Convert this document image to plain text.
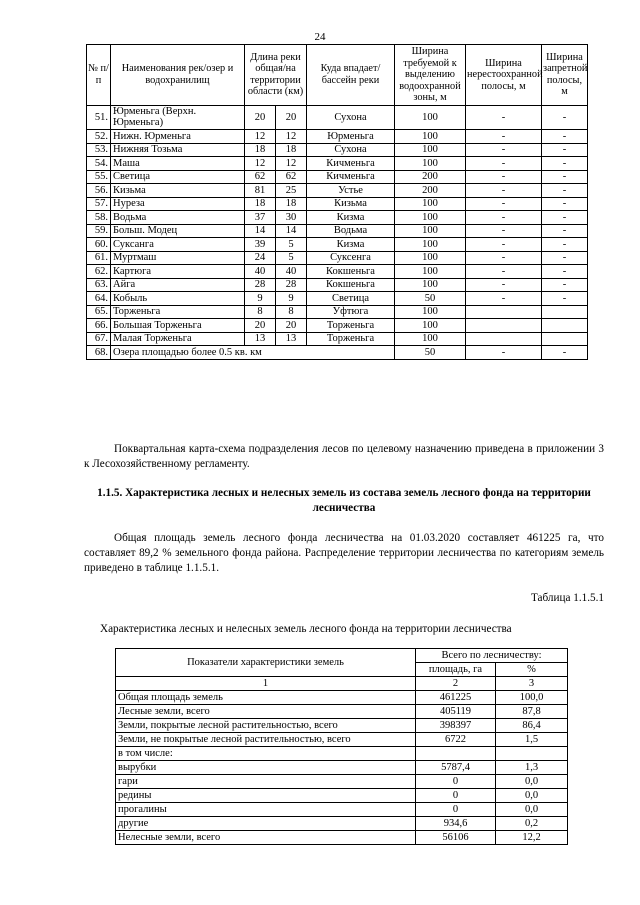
24
№ п/п	Наименования рек/озер и водохранилищ	Длина реки общая/на территории области (км)		Куда впадает/бассейн реки	Ширина требуемой к выделению водоохранной зоны, м	Ширина нерестоохранной полосы, м	Ширина запретной полосы, м
51.	Юрменьга (Верхн. Юрменьга)	20	20	Сухона	100	-	-
52.	Нижн. Юрменьга	12	12	Юрменьга	100	-	-
53.	Нижняя Тозьма	18	18	Сухона	100	-	-
54.	Маша	12	12	Кичменьга	100	-	-
55.	Светица	62	62	Кичменьга	200	-	-
56.	Кизьма	81	25	Устье	200	-	-
57.	Нуреза	18	18	Кизьма	100	-	-
58.	Водьма	37	30	Кизма	100	-	-
59.	Больш. Модец	14	14	Водьма	100	-	-
60.	Суксанга	39	5	Кизма	100	-	-
61.	Муртмаш	24	5	Суксенга	100	-	-
62.	Картюга	40	40	Кокшеньга	100	-	-
63.	Айга	28	28	Кокшеньга	100	-	-
64.	Кобыль	9	9	Светица	50	-	-
65.	Торженьга	8	8	Уфтюга	100		
66.	Большая Торженьга	20	20	Торженьга	100		
67.	Малая Торженьга	13	13	Торженьга	100		
68.	Озера площадью более 0.5 кв. км				50	-	-

Поквартальная карта-схема подразделения лесов по целевому назначению приведена в приложении 3 к Лесохозяйственному регламенту.

1.1.5. Характеристика лесных и нелесных земель из состава земель лесного фонда на территории лесничества

Общая площадь земель лесного фонда лесничества на 01.03.2020 составляет 461225 га, что составляет 89,2 % земельного фонда района. Распределение территории лесничества по категориям земель приведено в таблице 1.1.5.1.

Таблица 1.1.5.1
Характеристика лесных и нелесных земель лесного фонда на территории лесничества
Показатели характеристики земель	Всего по лесничеству:	
	площадь, га	%
1	2	3
Общая площадь земель	461225	100,0
Лесные земли, всего	405119	87,8
Земли, покрытые лесной растительностью, всего	398397	86,4
Земли, не покрытые лесной растительностью, всего	6722	1,5
в том числе:		
вырубки	5787,4	1,3
гари	0	0,0
редины	0	0,0
прогалины	0	0,0
другие	934,6	0,2
Нелесные земли, всего	56106	12,2
